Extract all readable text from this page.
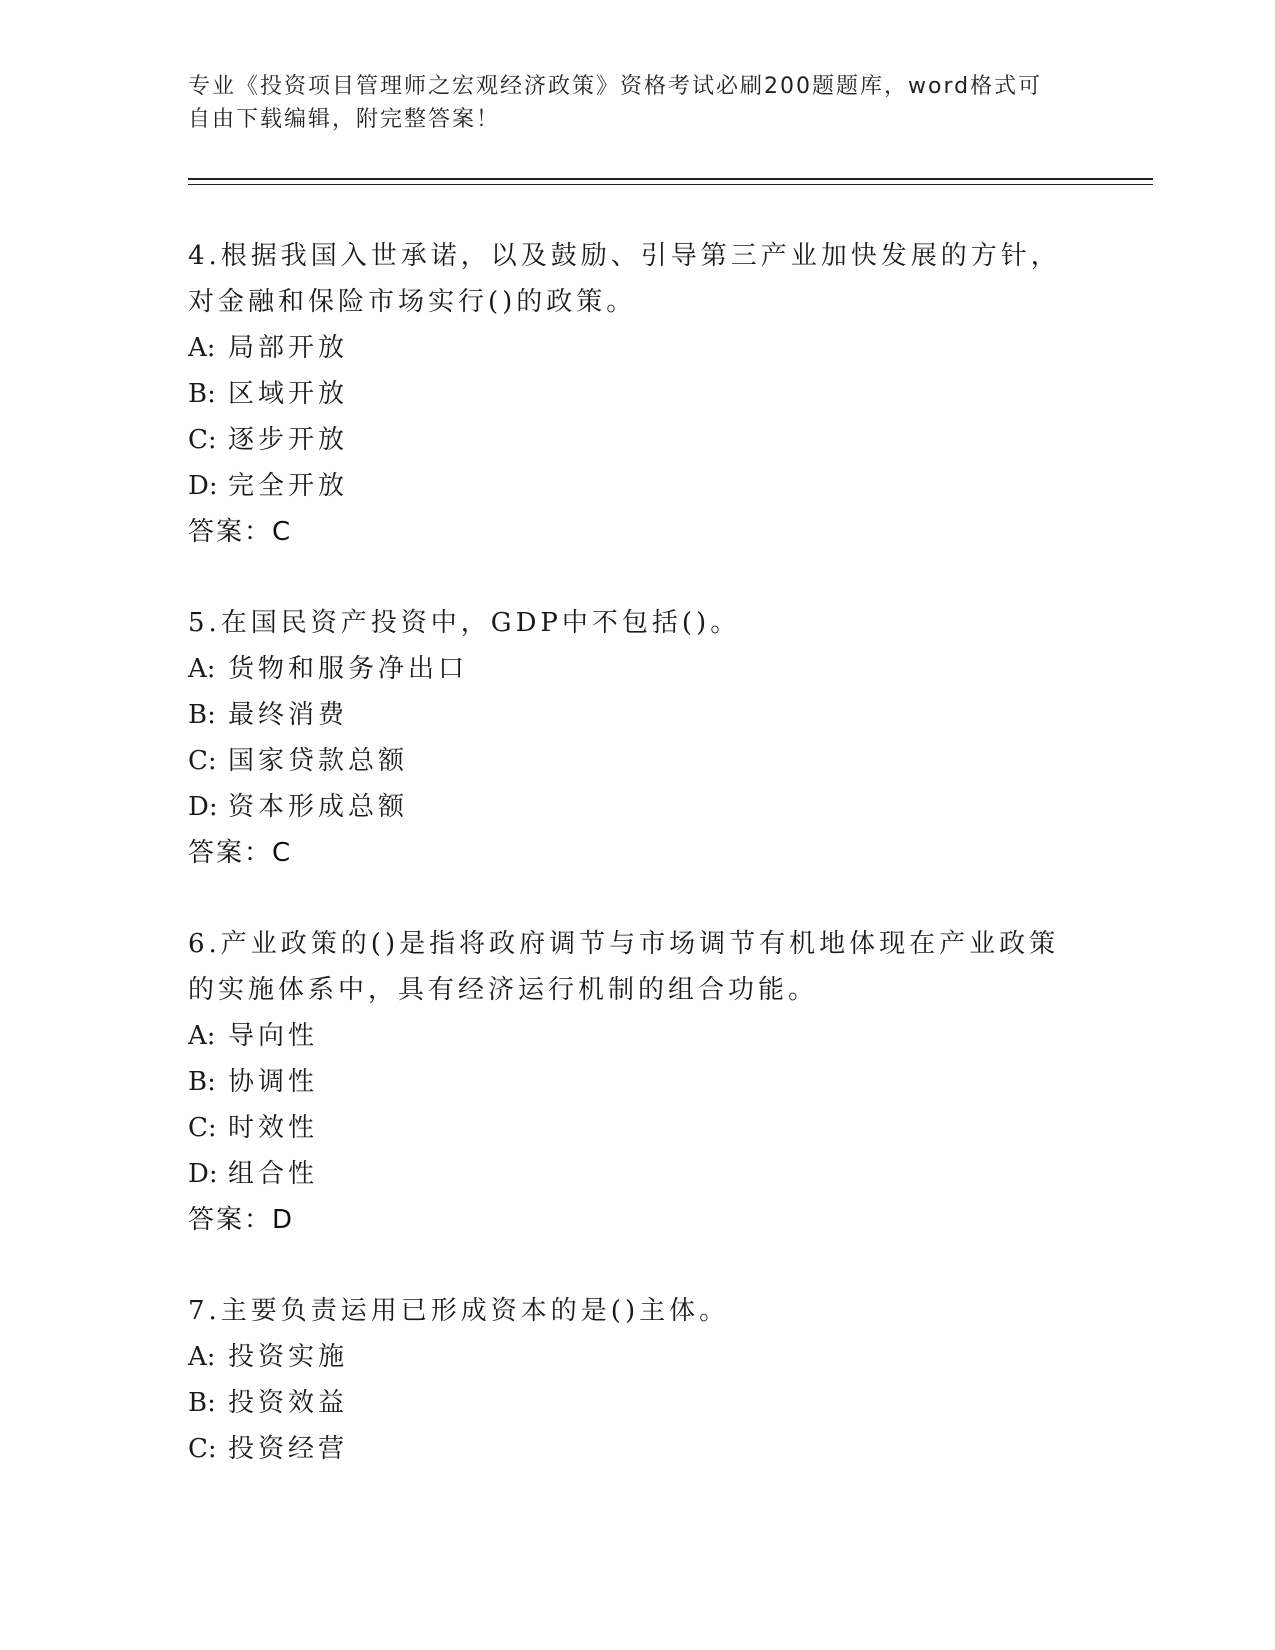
专业《投资项目管理师之宏观经济政策》资格考试必刷200题题库，word格式可
自由下载编辑，附完整答案！

4.根据我国入世承诺，以及鼓励、引导第三产业加快发展的方针，对金融和保险市场实行()的政策。

A: 局部开放

B: 区域开放

C: 逐步开放

D: 完全开放

答案：C

5.在国民资产投资中，GDP中不包括()。

A: 货物和服务净出口

B: 最终消费

C: 国家贷款总额

D: 资本形成总额

答案：C

6.产业政策的()是指将政府调节与市场调节有机地体现在产业政策的实施体系中，具有经济运行机制的组合功能。

A: 导向性

B: 协调性

C: 时效性

D: 组合性

答案：D

7.主要负责运用已形成资本的是()主体。

A: 投资实施

B: 投资效益

C: 投资经营
